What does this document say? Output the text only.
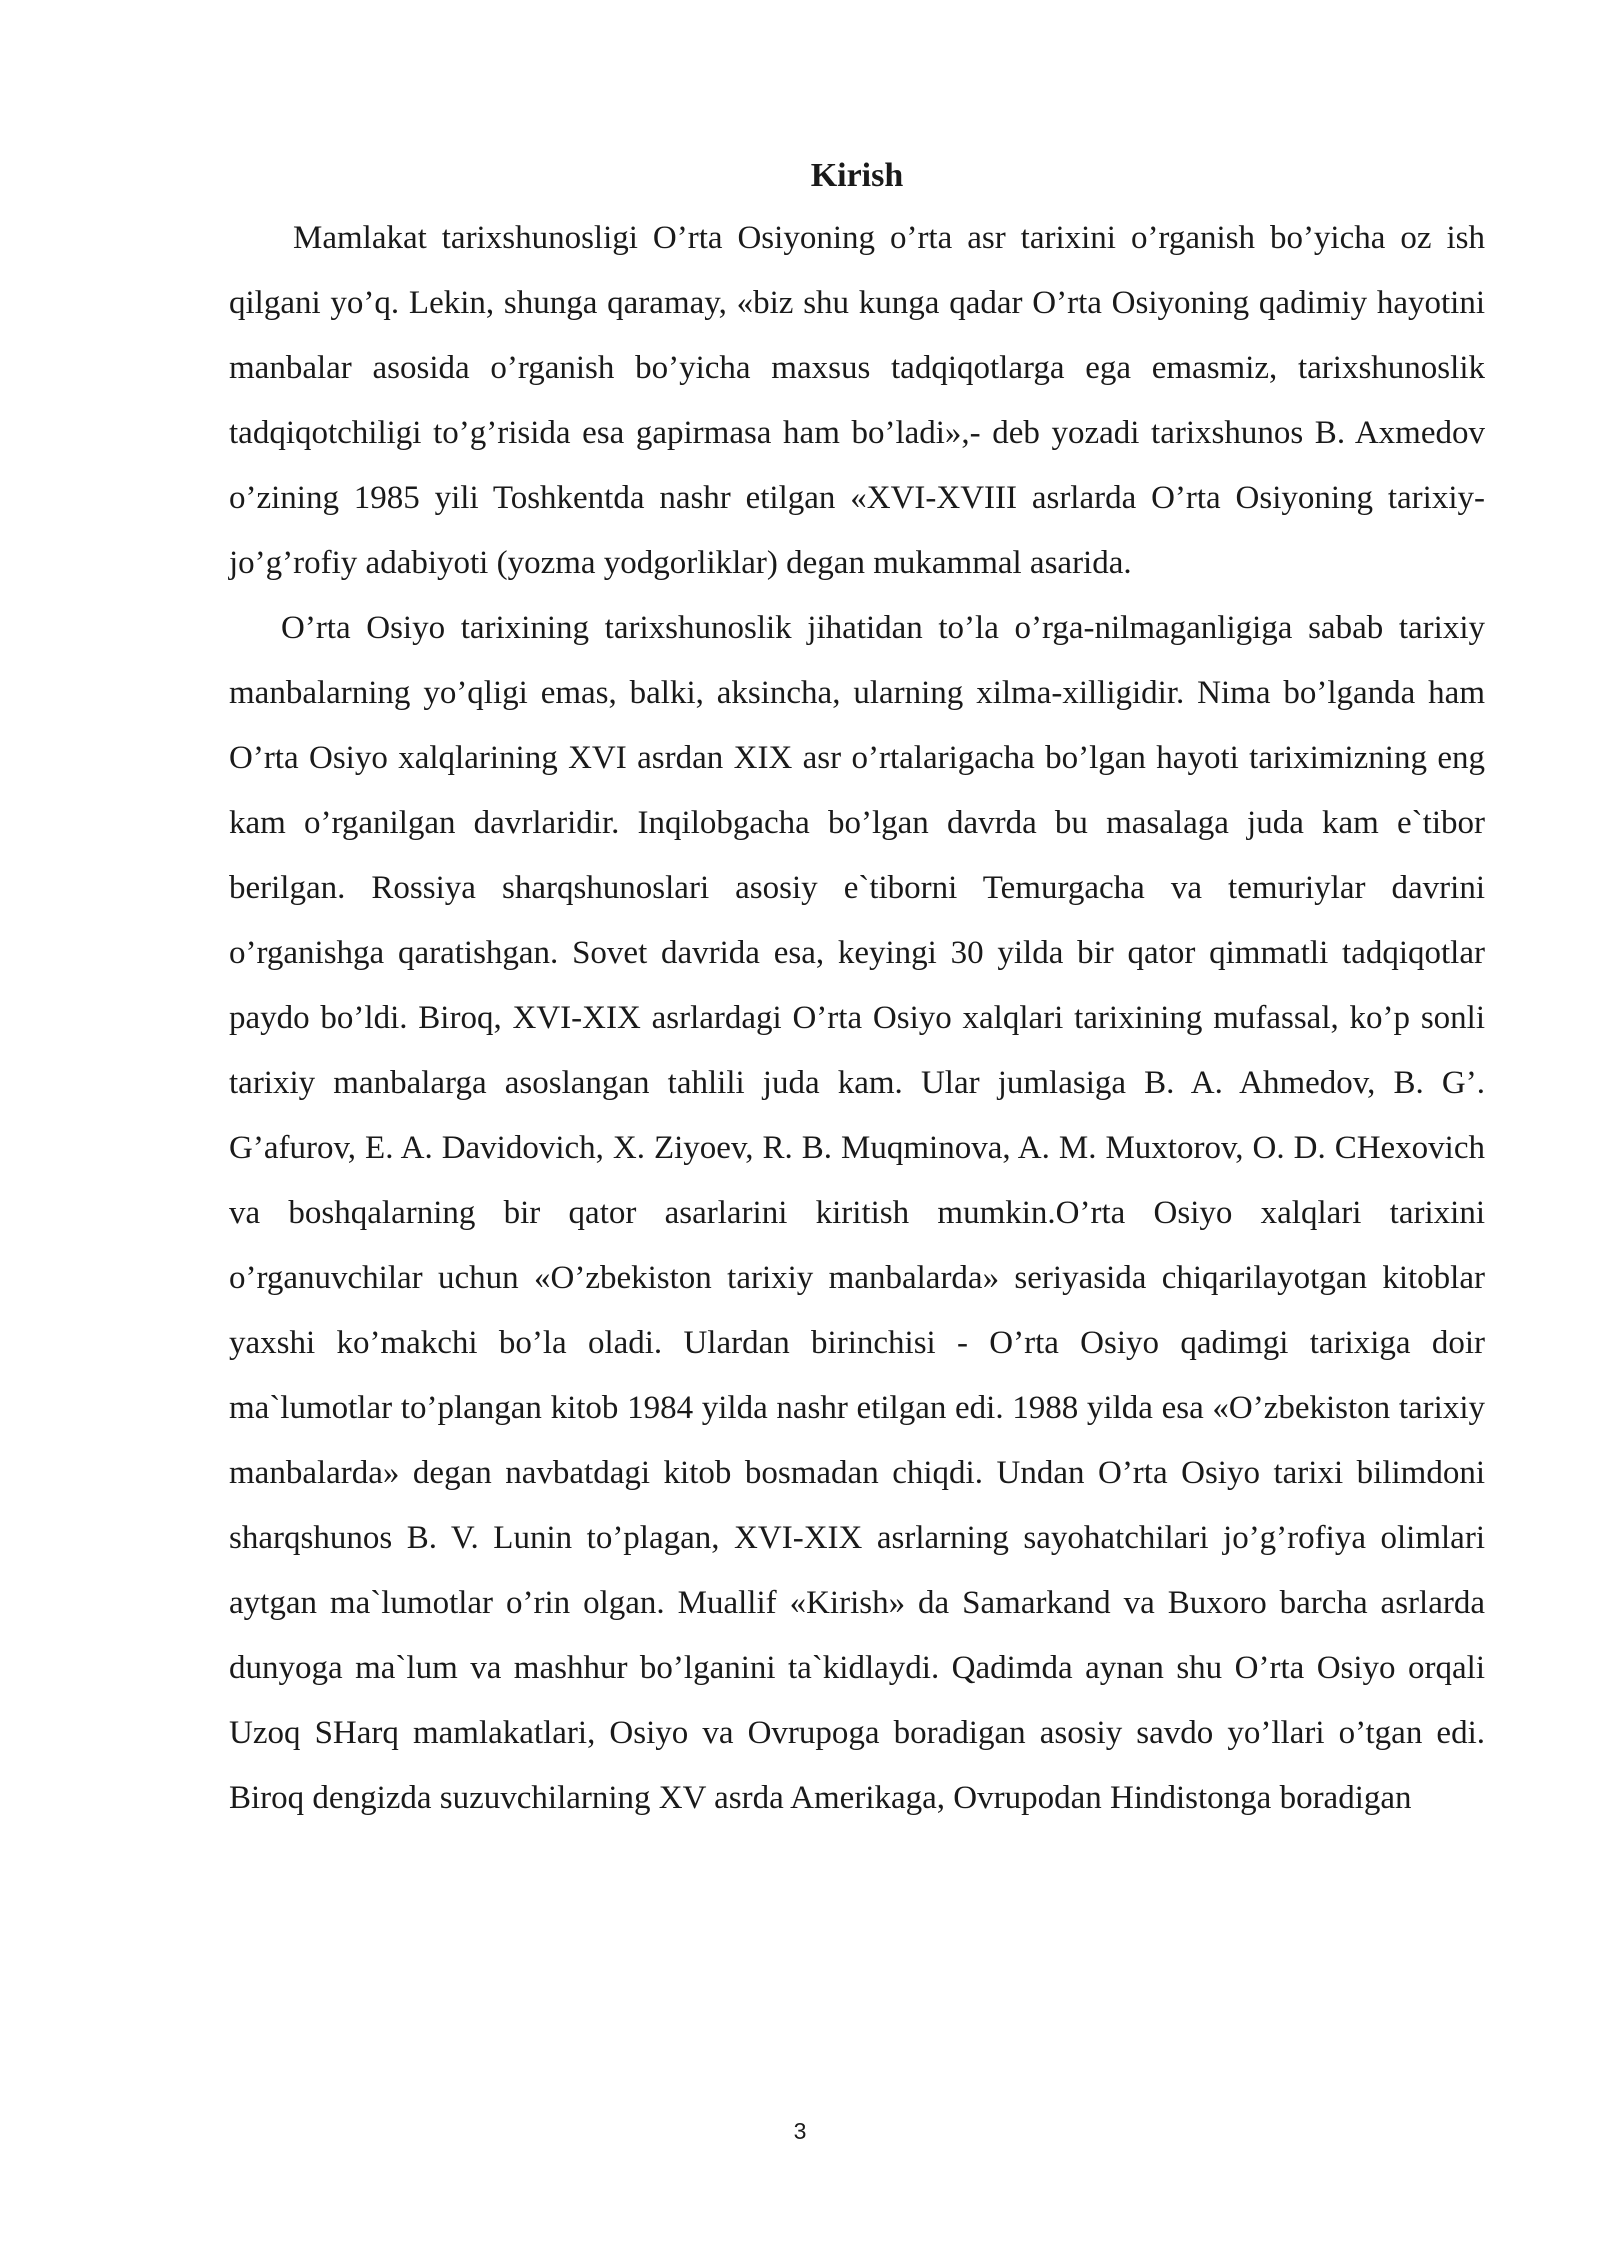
Kirish

Mamlakat tarixshunosligi O’rta Osiyoning o’rta asr tarixini o’rganish bo’yicha oz ish qilgani yo’q. Lekin, shunga qaramay, «biz shu kunga qadar O’rta Osiyoning qadimiy hayotini manbalar asosida o’rganish bo’yicha maxsus tadqiqotlarga ega emasmiz, tarixshunoslik tadqiqotchiligi to’g’risida esa gapirmasa ham bo’ladi»,- deb yozadi tarixshunos B. Axmedov o’zining 1985 yili Toshkentda nashr etilgan «XVI-XVIII asrlarda O’rta Osiyoning tarixiy-jo’g’rofiy adabiyoti (yozma yodgorliklar) degan mukammal asarida.

O’rta Osiyo tarixining tarixshunoslik jihatidan to’la o’rga-nilmaganligiga sabab tarixiy manbalarning yo’qligi emas, balki, aksincha, ularning xilma-xilligidir. Nima bo’lganda ham O’rta Osiyo xalqlarining XVI asrdan XIX asr o’rtalarigacha bo’lgan hayoti tariximizning eng kam o’rganilgan davrlaridir. Inqilobgacha bo’lgan davrda bu masalaga juda kam e`tibor berilgan. Rossiya sharqshunoslari asosiy e`tiborni Temurgacha va temuriylar davrini o’rganishga qaratishgan. Sovet davrida esa, keyingi 30 yilda bir qator qimmatli tadqiqotlar paydo bo’ldi. Biroq, XVI-XIX asrlardagi O’rta Osiyo xalqlari tarixining mufassal, ko’p sonli tarixiy manbalarga asoslangan tahlili juda kam. Ular jumlasiga B. A. Ahmedov, B. G’. G’afurov, E. A. Davidovich, X. Ziyoev, R. B. Muqminova, A. M. Muxtorov, O. D. CHexovich va boshqalarning bir qator asarlarini kiritish mumkin.O’rta Osiyo xalqlari tarixini o’rganuvchilar uchun «O’zbekiston tarixiy manbalarda» seriyasida chiqarilayotgan kitoblar yaxshi ko’makchi bo’la oladi. Ulardan birinchisi - O’rta Osiyo qadimgi tarixiga doir ma`lumotlar to’plangan kitob 1984 yilda nashr etilgan edi. 1988 yilda esa «O’zbekiston tarixiy manbalarda» degan navbatdagi kitob bosmadan chiqdi. Undan O’rta Osiyo tarixi bilimdoni sharqshunos B. V. Lunin to’plagan, XVI-XIX asrlarning sayohatchilari jo’g’rofiya olimlari aytgan ma`lumotlar o’rin olgan. Muallif «Kirish» da Samarkand va Buxoro barcha asrlarda dunyoga ma`lum va mashhur bo’lganini ta`kidlaydi. Qadimda aynan shu O’rta Osiyo orqali Uzoq SHarq mamlakatlari, Osiyo va Ovrupoga boradigan asosiy savdo yo’llari o’tgan edi. Biroq dengizda suzuvchilarning XV asrda Amerikaga, Ovrupodan Hindistonga boradigan

3
